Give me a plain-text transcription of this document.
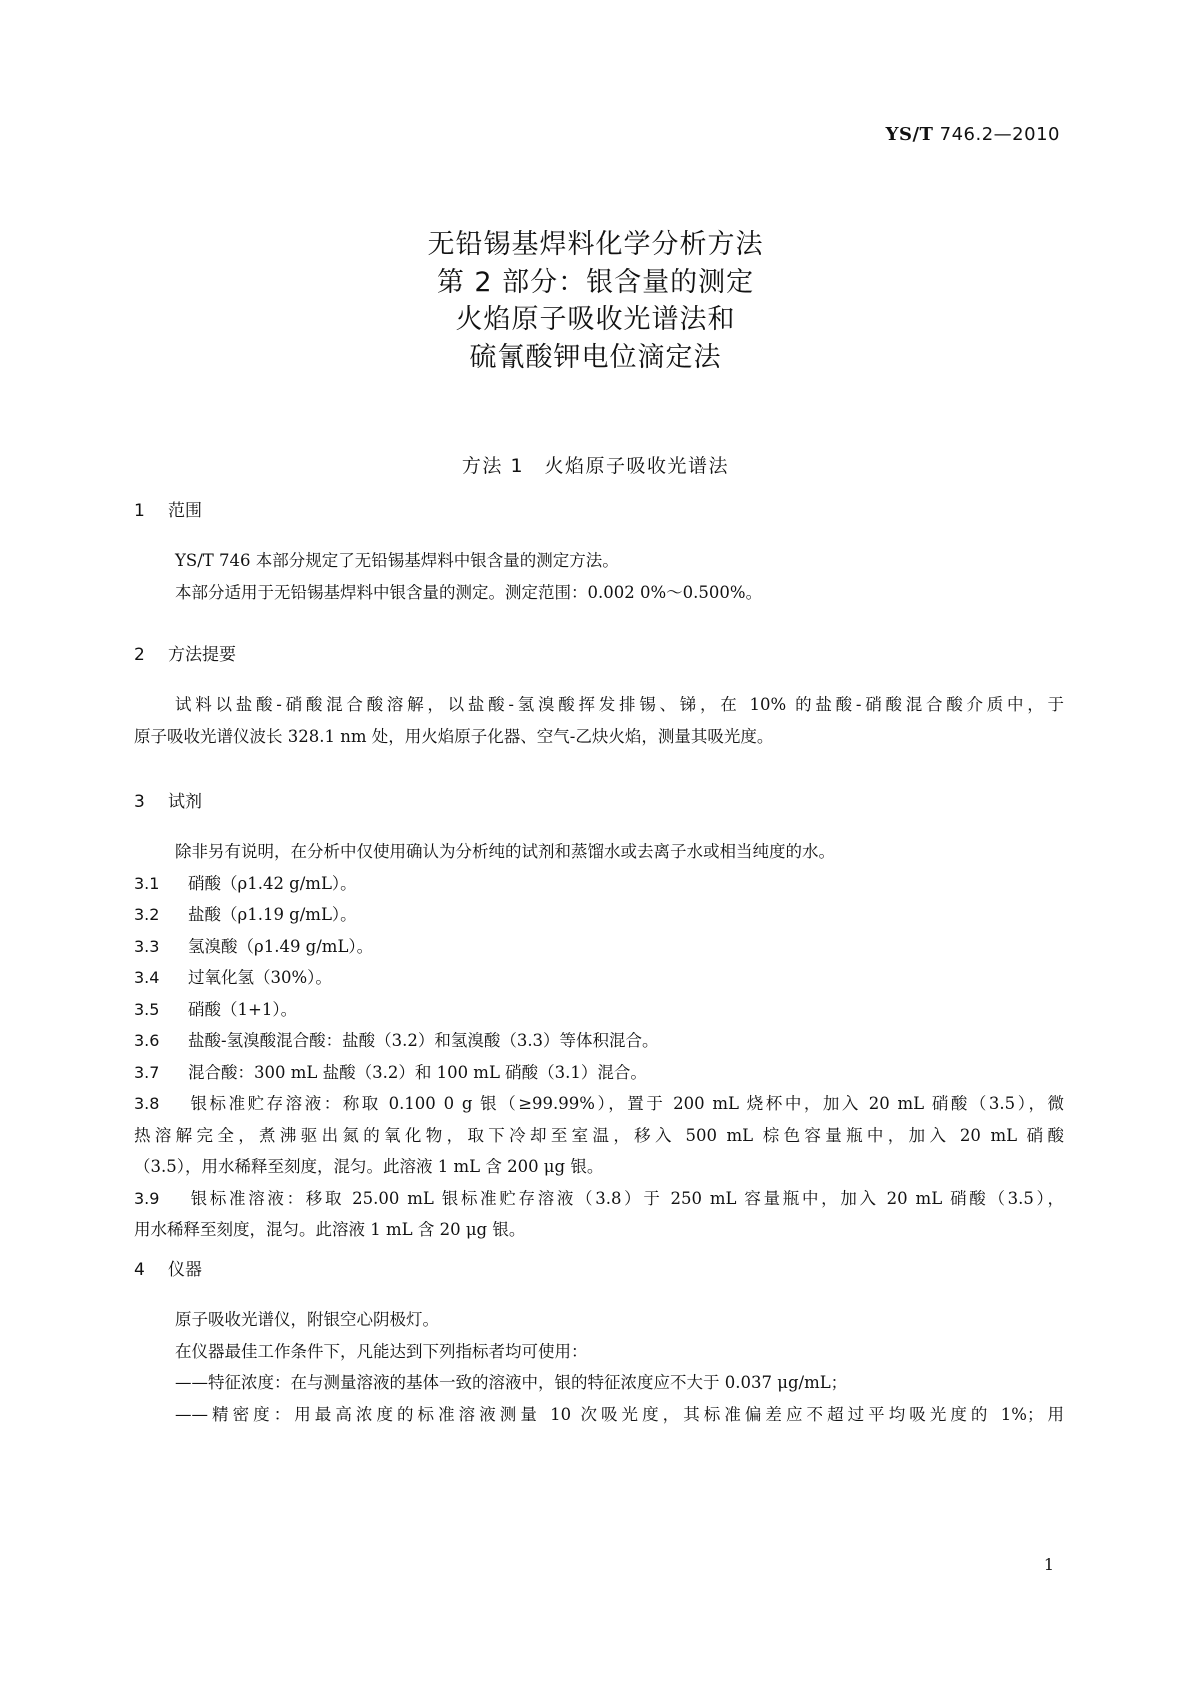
YS/T 746.2—2010
无铅锡基焊料化学分析方法
第 2 部分：银含量的测定
火焰原子吸收光谱法和
硫氰酸钾电位滴定法
方法 1　火焰原子吸收光谱法
1 范围
YS/T 746 本部分规定了无铅锡基焊料中银含量的测定方法。
本部分适用于无铅锡基焊料中银含量的测定。测定范围：0.002 0%～0.500%。
2 方法提要
试料以盐酸-硝酸混合酸溶解，以盐酸-氢溴酸挥发排锡、锑，在 10% 的盐酸-硝酸混合酸介质中，于
原子吸收光谱仪波长 328.1 nm 处，用火焰原子化器、空气-乙炔火焰，测量其吸光度。
3 试剂
除非另有说明，在分析中仅使用确认为分析纯的试剂和蒸馏水或去离子水或相当纯度的水。
3.1 硝酸（ρ1.42 g/mL）。
3.2 盐酸（ρ1.19 g/mL）。
3.3 氢溴酸（ρ1.49 g/mL）。
3.4 过氧化氢（30%）。
3.5 硝酸（1+1）。
3.6 盐酸-氢溴酸混合酸：盐酸（3.2）和氢溴酸（3.3）等体积混合。
3.7 混合酸：300 mL 盐酸（3.2）和 100 mL 硝酸（3.1）混合。
3.8 银标准贮存溶液：称取 0.100 0 g 银（≥99.99%），置于 200 mL 烧杯中，加入 20 mL 硝酸（3.5），微
热溶解完全，煮沸驱出氮的氧化物，取下冷却至室温，移入 500 mL 棕色容量瓶中，加入 20 mL 硝酸
（3.5），用水稀释至刻度，混匀。此溶液 1 mL 含 200 μg 银。
3.9 银标准溶液：移取 25.00 mL 银标准贮存溶液（3.8）于 250 mL 容量瓶中，加入 20 mL 硝酸（3.5），
用水稀释至刻度，混匀。此溶液 1 mL 含 20 μg 银。
4 仪器
原子吸收光谱仪，附银空心阴极灯。
在仪器最佳工作条件下，凡能达到下列指标者均可使用：
——特征浓度：在与测量溶液的基体一致的溶液中，银的特征浓度应不大于 0.037 μg/mL；
——精密度：用最高浓度的标准溶液测量 10 次吸光度，其标准偏差应不超过平均吸光度的 1%；用
1
